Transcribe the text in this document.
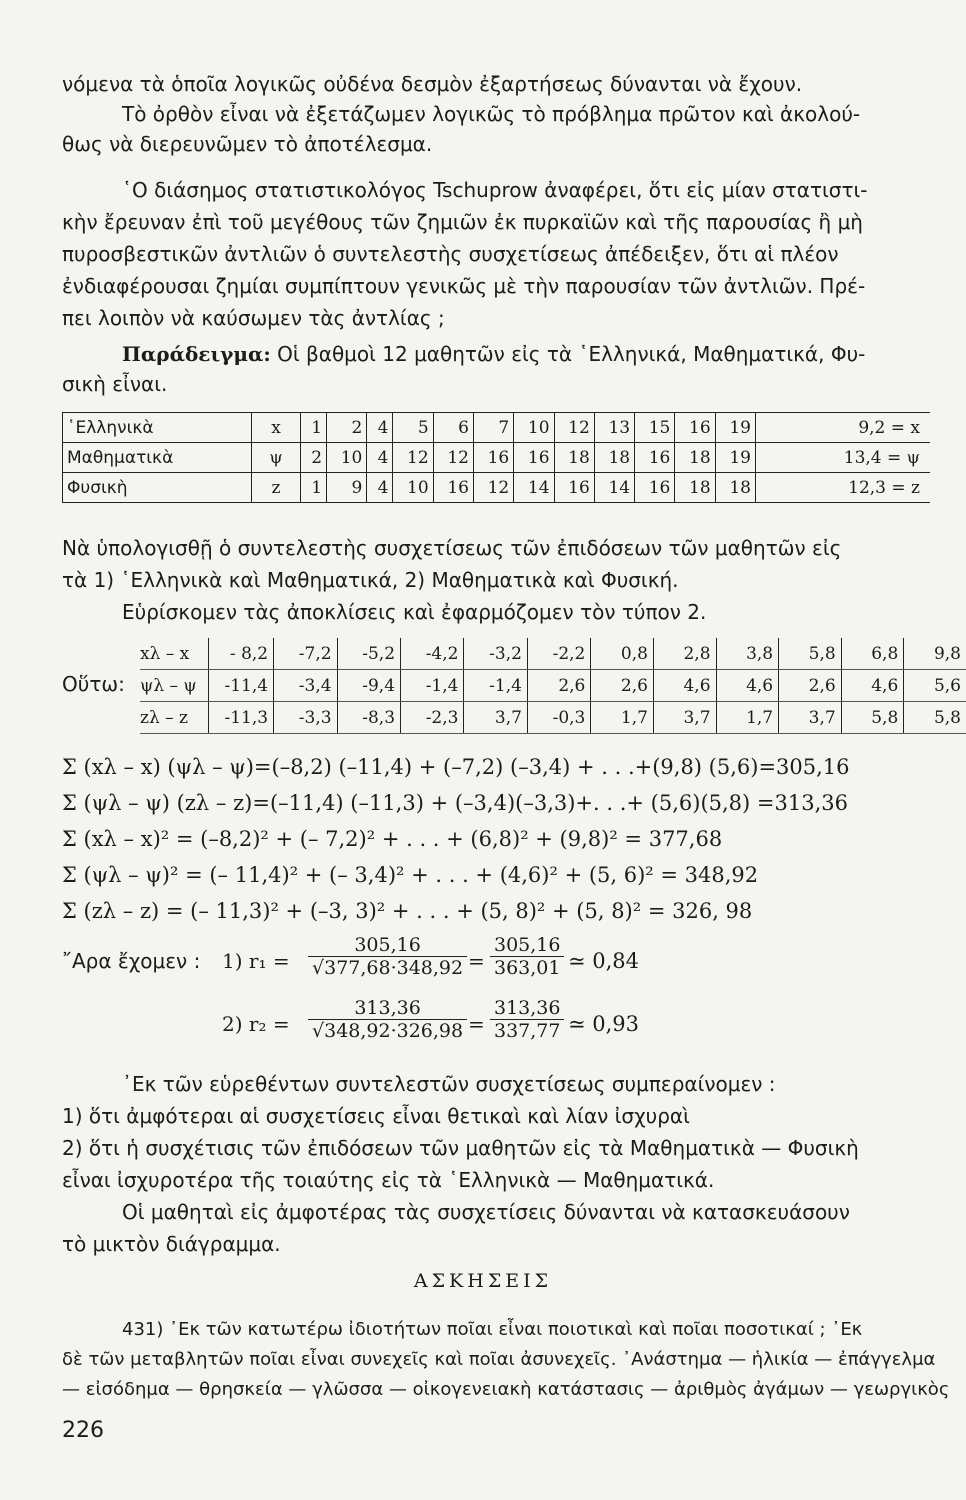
νόμενα τὰ ὁποῖα λογικῶς οὐδένα δεσμὸν ἐξαρτήσεως δύνανται νὰ ἔχουν.
Τὸ ὀρθὸν εἶναι νὰ ἐξετάζωμεν λογικῶς τὸ πρόβλημα πρῶτον καὶ ἀκολού-
θως νὰ διερευνῶμεν τὸ ἀποτέλεσμα.
῾Ο διάσημος στατιστικολόγος Tschuprow ἀναφέρει, ὅτι εἰς μίαν στατιστι-
κὴν ἔρευναν ἐπὶ τοῦ μεγέθους τῶν ζημιῶν ἐκ πυρκαϊῶν καὶ τῆς παρουσίας ἢ μὴ
πυροσβεστικῶν ἀντλιῶν ὁ συντελεστὴς συσχετίσεως ἀπέδειξεν, ὅτι αἱ πλέον
ἐνδιαφέρουσαι ζημίαι συμπίπτουν γενικῶς μὲ τὴν παρουσίαν τῶν ἀντλιῶν. Πρέ-
πει λοιπὸν νὰ καύσωμεν τὰς ἀντλίας ;
Παράδειγμα: Οἱ βαθμοὶ 12 μαθητῶν εἰς τὰ ῾Ελληνικά, Μαθηματικά, Φυ-
σικὴ εἶναι.
῾Ελληνικὰ	x	1	2	4	5	6	7	10	12	13	15	16	19	9,2 = x
Μαθηματικὰ	ψ	2	10	4	12	12	16	16	18	18	16	18	19	13,4 = ψ
Φυσικὴ	z	1	9	4	10	16	12	14	16	14	16	18	18	12,3 = z
Νὰ ὑπολογισθῇ ὁ συντελεστὴς συσχετίσεως τῶν ἐπιδόσεων τῶν μαθητῶν εἰς
τὰ 1) ῾Ελληνικὰ καὶ Μαθηματικά, 2) Μαθηματικὰ καὶ Φυσική.
Εὑρίσκομεν τὰς ἀποκλίσεις καὶ ἐφαρμόζομεν τὸν τύπον 2.
Οὕτω:
xλ – x	- 8,2	-7,2	-5,2	-4,2	-3,2	-2,2	0,8	2,8	3,8	5,8	6,8	9,8
ψλ – ψ	-11,4	-3,4	-9,4	-1,4	-1,4	2,6	2,6	4,6	4,6	2,6	4,6	5,6
zλ – z	-11,3	-3,3	-8,3	-2,3	3,7	-0,3	1,7	3,7	1,7	3,7	5,8	5,8
Σ (xλ – x) (ψλ – ψ)=(–8,2) (–11,4) + (–7,2) (–3,4) + . . .+(9,8) (5,6)=305,16
Σ (ψλ – ψ) (zλ – z)=(–11,4) (–11,3) + (–3,4)(–3,3)+. . .+ (5,6)(5,8) =313,36
Σ (xλ – x)² = (–8,2)² + (– 7,2)² + . . . + (6,8)² + (9,8)² = 377,68
Σ (ψλ – ψ)² = (– 11,4)² + (– 3,4)² + . . . + (4,6)² + (5, 6)² = 348,92
Σ (zλ – z) = (– 11,3)² + (–3, 3)² + . . . + (5, 8)² + (5, 8)² = 326, 98
῎Αρα ἔχομεν : 1) $r_1 = \frac{305,16}{√377,68\cdot 348,92} = \frac{305,16}{363,01}$ ≃ 0,84
2) $r_2 = \frac{313,36}{√348,92\cdot 326,98} = \frac{313,36}{337,77}$ ≃ 0,93
᾿Εκ τῶν εὑρεθέντων συντελεστῶν συσχετίσεως συμπεραίνομεν :
1) ὅτι ἀμφότεραι αἱ συσχετίσεις εἶναι θετικαὶ καὶ λίαν ἰσχυραὶ
2) ὅτι ἡ συσχέτισις τῶν ἐπιδόσεων τῶν μαθητῶν εἰς τὰ Μαθηματικὰ — Φυσικὴ
εἶναι ἰσχυροτέρα τῆς τοιαύτης εἰς τὰ ῾Ελληνικὰ — Μαθηματικά.
Οἱ μαθηταὶ εἰς ἀμφοτέρας τὰς συσχετίσεις δύνανται νὰ κατασκευάσουν
τὸ μικτὸν διάγραμμα.
ΑΣΚΗΣΕΙΣ
431) ᾿Εκ τῶν κατωτέρω ἰδιοτήτων ποῖαι εἶναι ποιοτικαὶ καὶ ποῖαι ποσοτικαί ; ᾿Εκ
δὲ τῶν μεταβλητῶν ποῖαι εἶναι συνεχεῖς καὶ ποῖαι ἀσυνεχεῖς. ᾿Ανάστημα — ἡλικία — ἐπάγγελμα
— εἰσόδημα — θρησκεία — γλῶσσα — οἰκογενειακὴ κατάστασις — ἀριθμὸς ἀγάμων — γεωργικὸς
226
